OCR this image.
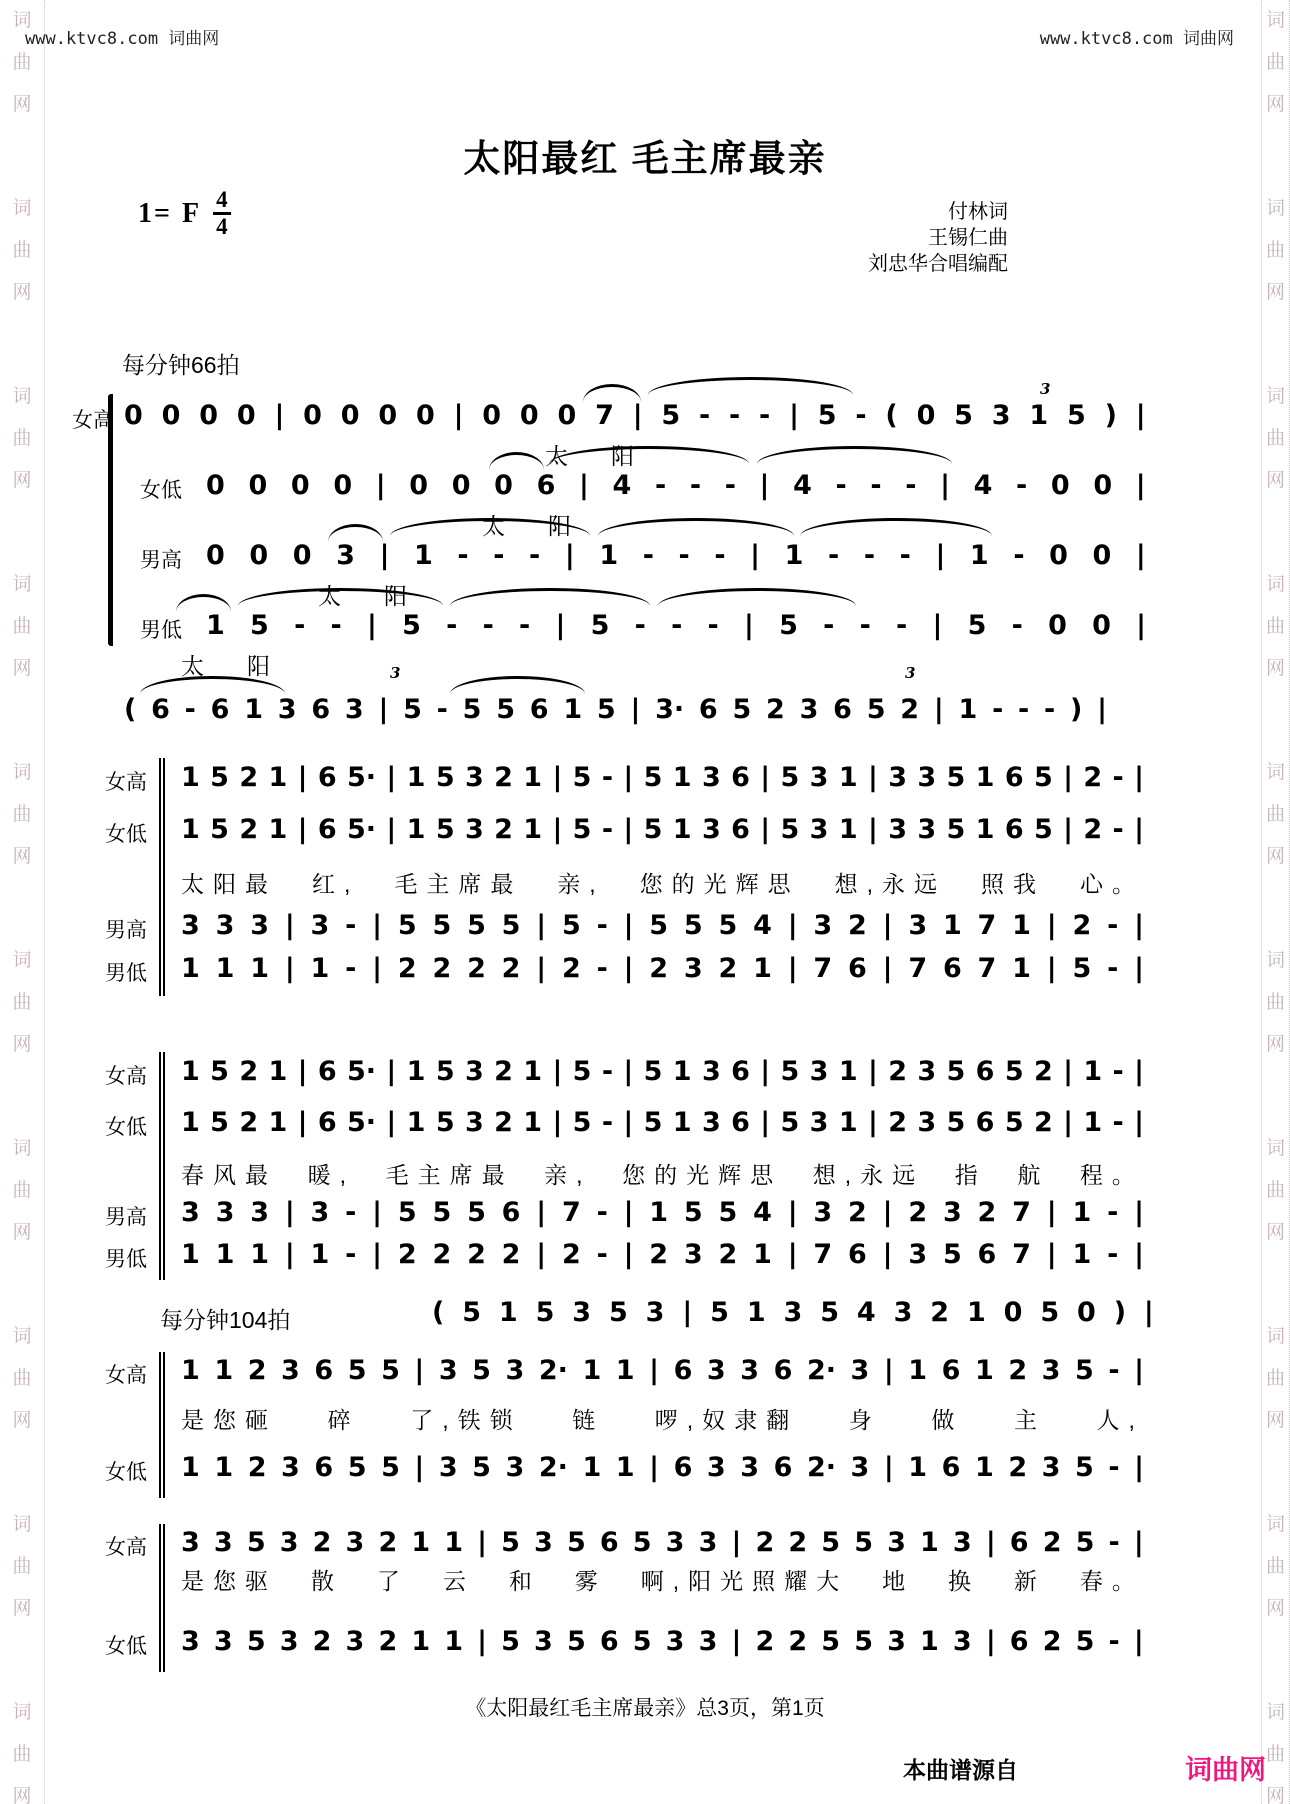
词
曲
网
词
曲
网
词
曲
网
词
曲
网
词
曲
网
词
曲
网
词
曲
网
词
曲
网
词
曲
网
词
曲
网
词
曲
网
词
曲
网
词
曲
网
词
曲
网
词
曲
网
词
曲
网
词
曲
网
词
曲
网
词
曲
网
词
曲
网
www.ktvc8.com 词曲网	www.ktvc8.com 词曲网
太阳最红 毛主席最亲
1= F $\frac{4}{4}$	付林词
王锡仁曲
刘忠华合唱编配
每分钟66拍
女高 0 0 0 0 | 0 0 0 0 | 0 0 0 7 | 5 - - - | 5 - ( 0 5 3 1 5 ) |
太　阳
女低 0 0 0 0 | 0 0 0 6 | 4 - - - | 4 - - - | 4 - 0 0 |
太　阳
男高 0 0 0 3 | 1 - - - | 1 - - - | 1 - - - | 1 - 0 0 |
太　阳
男低 1 5 - - | 5 - - - | 5 - - - | 5 - - - | 5 - 0 0 |
太　阳
( 6 - 6 1 3 6 3 | 5 - 5 5 6 1 5 | 3· 6 5 2 3 6 5 2 | 1 - - - ) |
女高	1 5 2 1 | 6 5· | 1 5 3 2 1 | 5 - | 5 1 3 6 | 5 3 1 | 3 3 5 1 6 5 | 2 - |
女低	1 5 2 1 | 6 5· | 1 5 3 2 1 | 5 - | 5 1 3 6 | 5 3 1 | 3 3 5 1 6 5 | 2 - |
太阳最 红, 毛主席最 亲, 您的光辉思 想,永远 照我 心。
男高	3 3 3 | 3 - | 5 5 5 5 | 5 - | 5 5 5 4 | 3 2 | 3 1 7 1 | 2 - |
男低	1 1 1 | 1 - | 2 2 2 2 | 2 - | 2 3 2 1 | 7 6 | 7 6 7 1 | 5 - |
女高	1 5 2 1 | 6 5· | 1 5 3 2 1 | 5 - | 5 1 3 6 | 5 3 1 | 2 3 5 6 5 2 | 1 - |
女低	1 5 2 1 | 6 5· | 1 5 3 2 1 | 5 - | 5 1 3 6 | 5 3 1 | 2 3 5 6 5 2 | 1 - |
春风最 暖, 毛主席最 亲, 您的光辉思 想,永远 指 航 程。
男高	3 3 3 | 3 - | 5 5 5 6 | 7 - | 1 5 5 4 | 3 2 | 2 3 2 7 | 1 - |
男低	1 1 1 | 1 - | 2 2 2 2 | 2 - | 2 3 2 1 | 7 6 | 3 5 6 7 | 1 - |
每分钟104拍	( 5 1 5 3 5 3 | 5 1 3 5 4 3 2 1 0 5 0 ) |
女高	1 1 2 3 6 5 5 | 3 5 3 2· 1 1 | 6 3 3 6 2· 3 | 1 6 1 2 3 5 - |
是您砸 碎 了,铁锁 链 啰,奴隶翻 身 做 主 人,
女低	1 1 2 3 6 5 5 | 3 5 3 2· 1 1 | 6 3 3 6 2· 3 | 1 6 1 2 3 5 - |
女高	3 3 5 3 2 3 2 1 1 | 5 3 5 6 5 3 3 | 2 2 5 5 3 1 3 | 6 2 5 - |
是您驱 散 了 云 和 雾 啊,阳光照耀大 地 换 新 春。
女低	3 3 5 3 2 3 2 1 1 | 5 3 5 6 5 3 3 | 2 2 5 5 3 1 3 | 6 2 5 - |
《太阳最红毛主席最亲》总3页，第1页
本曲谱源自	词曲网
3
3	3
